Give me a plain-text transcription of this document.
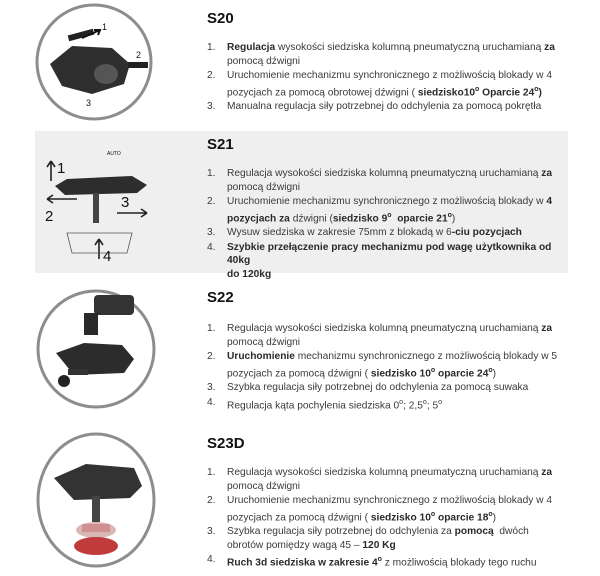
1
2
3
S20
1. Regulacja wysokości siedziska kolumną pneumatyczną uruchamianą za
pomocą dźwigni
2. Uruchomienie mechanizmu synchronicznego z możliwością blokady w 4
pozycjach za pomocą obrotowej dźwigni ( siedzisko10$^o$ Oparcie 24$^o$)
3. Manualna regulacja siły potrzebnej do odchylenia za pomocą pokrętła
1
2
3
4
AUTO
S21
1. Regulacja wysokości siedziska kolumną pneumatyczną uruchamianą za
pomocą dźwigni
2. Uruchomienie mechanizmu synchronicznego z możliwością blokady w 4
pozycjach za dźwigni (siedzisko 9$^o$  oparcie 21$^o$)
3. Wysuw siedziska w zakresie 75mm z blokadą w 6-ciu pozycjach
4. Szybkie przełączenie pracy mechanizmu pod wagę użytkownika od 40kg
do 120kg
S22
1. Regulacja wysokości siedziska kolumną pneumatyczną uruchamianą za
pomocą dźwigni
2. Uruchomienie mechanizmu synchronicznego z możliwością blokady w 5
pozycjach za pomocą dźwigni ( siedzisko 10$^o$ oparcie 24$^o$)
3. Szybka regulacja siły potrzebnej do odchylenia za pomocą suwaka
4. Regulacja kąta pochylenia siedziska 0$^o$; 2,5$^o$; 5$^o$
S23D
1. Regulacja wysokości siedziska kolumną pneumatyczną uruchamianą za
pomocą dźwigni
2. Uruchomienie mechanizmu synchronicznego z możliwością blokady w 4
pozycjach za pomocą dźwigni ( siedzisko 10$^o$ oparcie 18$^o$)
3. Szybka regulacja siły potrzebnej do odchylenia za pomocą  dwóch
obrotów pomiędzy wagą 45 – 120 Kg
4. Ruch 3d siedziska w zakresie 4$^o$ z możliwością blokady tego ruchu
